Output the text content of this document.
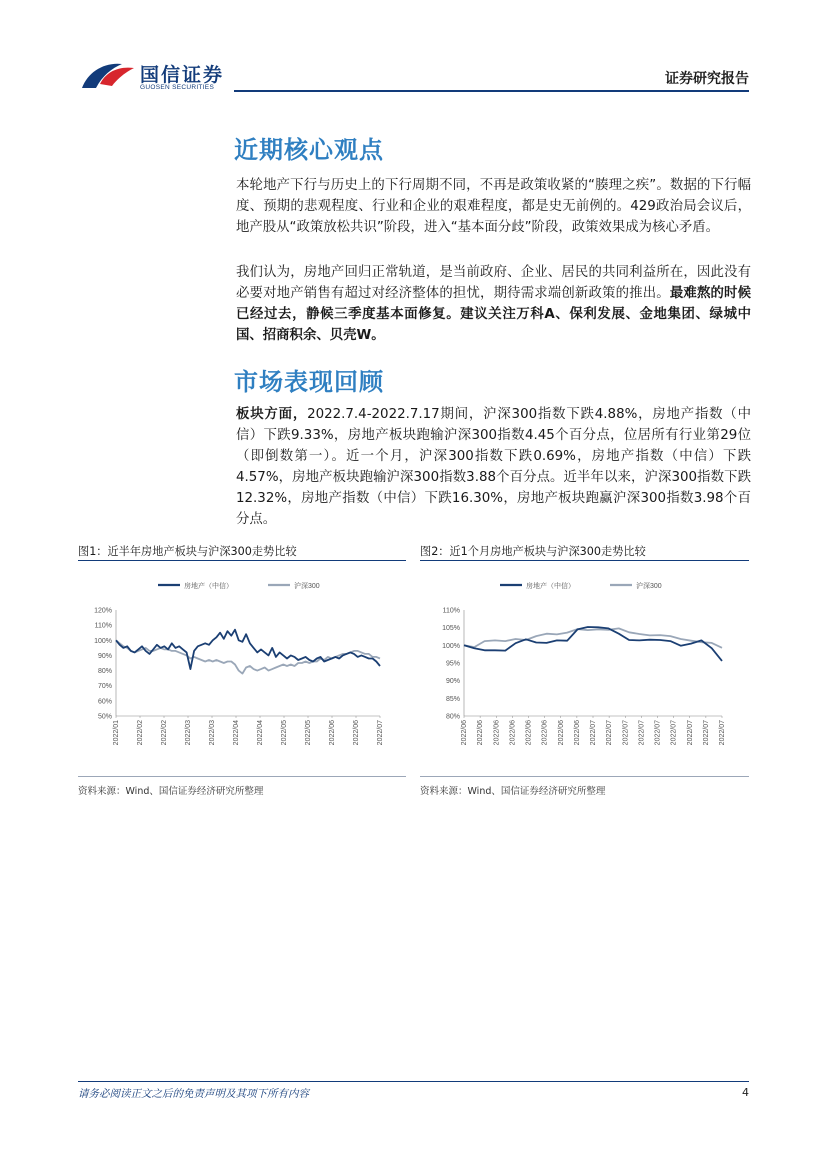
国信证券
GUOSEN SECURITIES
证券研究报告
近期核心观点

本轮地产下行与历史上的下行周期不同，不再是政策收紧的“腠理之疾”。数据的下行幅度、预期的悲观程度、行业和企业的艰难程度，都是史无前例的。429政治局会议后，地产股从“政策放松共识”阶段，进入“基本面分歧”阶段，政策效果成为核心矛盾。

我们认为，房地产回归正常轨道，是当前政府、企业、居民的共同利益所在，因此没有必要对地产销售有超过对经济整体的担忧，期待需求端创新政策的推出。最难熬的时候已经过去，静候三季度基本面修复。建议关注万科A、保利发展、金地集团、绿城中国、招商积余、贝壳W。

市场表现回顾

板块方面，2022.7.4-2022.7.17期间，沪深300指数下跌4.88%，房地产指数（中信）下跌9.33%，房地产板块跑输沪深300指数4.45个百分点，位居所有行业第29位（即倒数第一）。近一个月，沪深300指数下跌0.69%，房地产指数（中信）下跌4.57%，房地产板块跑输沪深300指数3.88个百分点。近半年以来，沪深300指数下跌12.32%，房地产指数（中信）下跌16.30%，房地产板块跑赢沪深300指数3.98个百分点。

图1：近半年房地产板块与沪深300走势比较
房地产（中信）	沪深300
120%
110%
100%
90%
80%
70%
60%
50%
2022/01 2022/02 2022/02 2022/03 2022/03 2022/04 2022/04 2022/05 2022/05 2022/06 2022/06 2022/07
资料来源：Wind、国信证券经济研究所整理
图2：近1个月房地产板块与沪深300走势比较
房地产（中信）	沪深300
110%
105%
100%
95%
90%
85%
80%
2022/06 2022/06 2022/06 2022/06 2022/06 2022/06 2022/06 2022/06 2022/07 2022/07 2022/07 2022/07 2022/07 2022/07 2022/07 2022/07 2022/07
资料来源：Wind、国信证券经济研究所整理
请务必阅读正文之后的免责声明及其项下所有内容	4
